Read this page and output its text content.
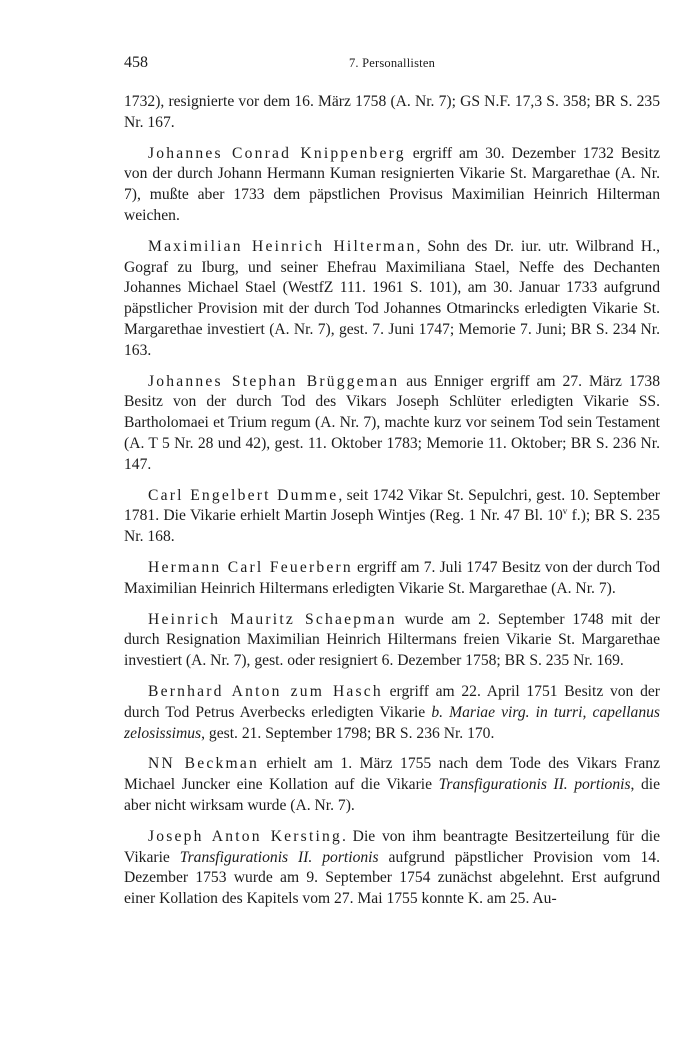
458	7. Personallisten

1732), resignierte vor dem 16. März 1758 (A. Nr. 7); GS N.F. 17,3 S. 358; BR S. 235 Nr. 167.

Johannes Conrad Knippenberg ergriff am 30. Dezember 1732 Besitz von der durch Johann Hermann Kuman resignierten Vikarie St. Margarethae (A. Nr. 7), mußte aber 1733 dem päpstlichen Provisus Maximilian Heinrich Hilterman weichen.

Maximilian Heinrich Hilterman, Sohn des Dr. iur. utr. Wilbrand H., Gograf zu Iburg, und seiner Ehefrau Maximiliana Stael, Neffe des Dechanten Johannes Michael Stael (WestfZ 111. 1961 S. 101), am 30. Januar 1733 aufgrund päpstlicher Provision mit der durch Tod Johannes Otmarincks erledigten Vikarie St. Margarethae investiert (A. Nr. 7), gest. 7. Juni 1747; Memorie 7. Juni; BR S. 234 Nr. 163.

Johannes Stephan Brüggeman aus Enniger ergriff am 27. März 1738 Besitz von der durch Tod des Vikars Joseph Schlüter erledigten Vikarie SS. Bartholomaei et Trium regum (A. Nr. 7), machte kurz vor seinem Tod sein Testament (A. T 5 Nr. 28 und 42), gest. 11. Oktober 1783; Memorie 11. Oktober; BR S. 236 Nr. 147.

Carl Engelbert Dumme, seit 1742 Vikar St. Sepulchri, gest. 10. September 1781. Die Vikarie erhielt Martin Joseph Wintjes (Reg. 1 Nr. 47 Bl. 10$^v$ f.); BR S. 235 Nr. 168.

Hermann Carl Feuerbern ergriff am 7. Juli 1747 Besitz von der durch Tod Maximilian Heinrich Hiltermans erledigten Vikarie St. Margarethae (A. Nr. 7).

Heinrich Mauritz Schaepman wurde am 2. September 1748 mit der durch Resignation Maximilian Heinrich Hiltermans freien Vikarie St. Margarethae investiert (A. Nr. 7), gest. oder resigniert 6. Dezember 1758; BR S. 235 Nr. 169.

Bernhard Anton zum Hasch ergriff am 22. April 1751 Besitz von der durch Tod Petrus Averbecks erledigten Vikarie b. Mariae virg. in turri, capellanus zelosissimus, gest. 21. September 1798; BR S. 236 Nr. 170.

NN Beckman erhielt am 1. März 1755 nach dem Tode des Vikars Franz Michael Juncker eine Kollation auf die Vikarie Transfigurationis II. portionis, die aber nicht wirksam wurde (A. Nr. 7).

Joseph Anton Kersting. Die von ihm beantragte Besitzerteilung für die Vikarie Transfigurationis II. portionis aufgrund päpstlicher Provision vom 14. Dezember 1753 wurde am 9. September 1754 zunächst abgelehnt. Erst aufgrund einer Kollation des Kapitels vom 27. Mai 1755 konnte K. am 25. Au-
